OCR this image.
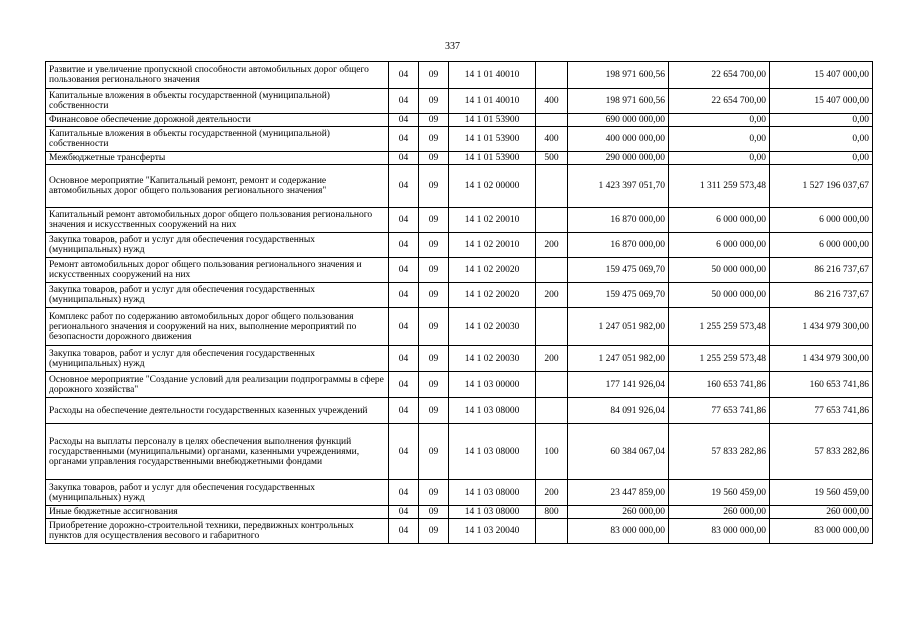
337
Развитие и увеличение пропускной способности автомобильных дорог общего пользования регионального значения	04	09	14 1 01 40010		198 971 600,56	22 654 700,00	15 407 000,00
Капитальные вложения в объекты государственной (муниципальной) собственности	04	09	14 1 01 40010	400	198 971 600,56	22 654 700,00	15 407 000,00
Финансовое обеспечение дорожной деятельности	04	09	14 1 01 53900		690 000 000,00	0,00	0,00
Капитальные вложения в объекты государственной (муниципальной) собственности	04	09	14 1 01 53900	400	400 000 000,00	0,00	0,00
Межбюджетные трансферты	04	09	14 1 01 53900	500	290 000 000,00	0,00	0,00
Основное мероприятие "Капитальный ремонт, ремонт и содержание автомобильных дорог общего пользования регионального значения"	04	09	14 1 02 00000		1 423 397 051,70	1 311 259 573,48	1 527 196 037,67
Капитальный ремонт автомобильных дорог общего пользования регионального значения и искусственных сооружений на них	04	09	14 1 02 20010		16 870 000,00	6 000 000,00	6 000 000,00
Закупка товаров, работ и услуг для обеспечения государственных (муниципальных) нужд	04	09	14 1 02 20010	200	16 870 000,00	6 000 000,00	6 000 000,00
Ремонт автомобильных дорог общего пользования регионального значения и искусственных сооружений на них	04	09	14 1 02 20020		159 475 069,70	50 000 000,00	86 216 737,67
Закупка товаров, работ и услуг для обеспечения государственных (муниципальных) нужд	04	09	14 1 02 20020	200	159 475 069,70	50 000 000,00	86 216 737,67
Комплекс работ по содержанию автомобильных дорог общего пользования регионального значения и сооружений на них, выполнение мероприятий по безопасности дорожного движения	04	09	14 1 02 20030		1 247 051 982,00	1 255 259 573,48	1 434 979 300,00
Закупка товаров, работ и услуг для обеспечения государственных (муниципальных) нужд	04	09	14 1 02 20030	200	1 247 051 982,00	1 255 259 573,48	1 434 979 300,00
Основное мероприятие "Создание условий для реализации подпрограммы в сфере дорожного хозяйства"	04	09	14 1 03 00000		177 141 926,04	160 653 741,86	160 653 741,86
Расходы на обеспечение деятельности государственных казенных учреждений	04	09	14 1 03 08000		84 091 926,04	77 653 741,86	77 653 741,86
Расходы на выплаты персоналу в целях обеспечения выполнения функций государственными (муниципальными) органами, казенными учреждениями, органами управления государственными внебюджетными фондами	04	09	14 1 03 08000	100	60 384 067,04	57 833 282,86	57 833 282,86
Закупка товаров, работ и услуг для обеспечения государственных (муниципальных) нужд	04	09	14 1 03 08000	200	23 447 859,00	19 560 459,00	19 560 459,00
Иные бюджетные ассигнования	04	09	14 1 03 08000	800	260 000,00	260 000,00	260 000,00
Приобретение дорожно-строительной техники, передвижных контрольных пунктов для осуществления весового и габаритного	04	09	14 1 03 20040		83 000 000,00	83 000 000,00	83 000 000,00
